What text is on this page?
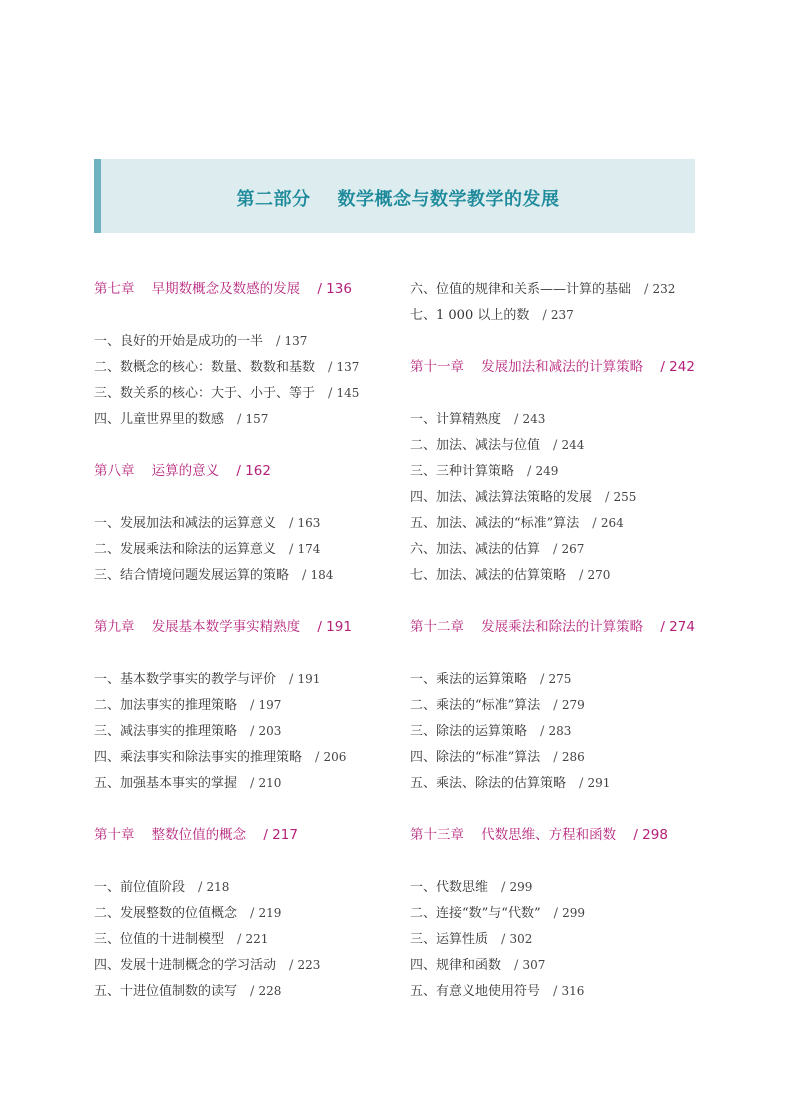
第二部分    数学概念与数学教学的发展
第七章    早期数概念及数感的发展    / 136
一、良好的开始是成功的一半　/ 137
二、数概念的核心：数量、数数和基数　/ 137
三、数关系的核心：大于、小于、等于　/ 145
四、儿童世界里的数感　/ 157
第八章    运算的意义    / 162
一、发展加法和减法的运算意义　/ 163
二、发展乘法和除法的运算意义　/ 174
三、结合情境问题发展运算的策略　/ 184
第九章    发展基本数学事实精熟度    / 191
一、基本数学事实的教学与评价　/ 191
二、加法事实的推理策略　/ 197
三、减法事实的推理策略　/ 203
四、乘法事实和除法事实的推理策略　/ 206
五、加强基本事实的掌握　/ 210
第十章    整数位值的概念    / 217
一、前位值阶段　/ 218
二、发展整数的位值概念　/ 219
三、位值的十进制模型　/ 221
四、发展十进制概念的学习活动　/ 223
五、十进位值制数的读写　/ 228
六、位值的规律和关系——计算的基础　/ 232
七、1 000 以上的数　/ 237
第十一章    发展加法和减法的计算策略    / 242
一、计算精熟度　/ 243
二、加法、减法与位值　/ 244
三、三种计算策略　/ 249
四、加法、减法算法策略的发展　/ 255
五、加法、减法的“标准”算法　/ 264
六、加法、减法的估算　/ 267
七、加法、减法的估算策略　/ 270
第十二章    发展乘法和除法的计算策略    / 274
一、乘法的运算策略　/ 275
二、乘法的“标准”算法　/ 279
三、除法的运算策略　/ 283
四、除法的“标准”算法　/ 286
五、乘法、除法的估算策略　/ 291
第十三章    代数思维、方程和函数    / 298
一、代数思维　/ 299
二、连接“数”与“代数”　/ 299
三、运算性质　/ 302
四、规律和函数　/ 307
五、有意义地使用符号　/ 316
